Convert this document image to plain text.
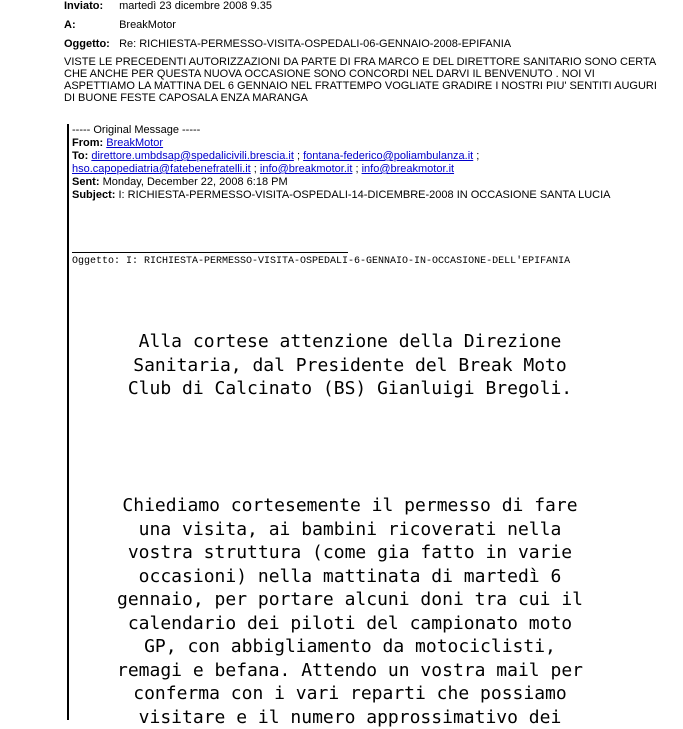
Inviato: martedì 23 dicembre 2008 9.35
A:	BreakMotor
Oggetto: Re: RICHIESTA-PERMESSO-VISITA-OSPEDALI-06-GENNAIO-2008-EPIFANIA
VISTE LE PRECEDENTI AUTORIZZAZIONI DA PARTE DI FRA MARCO E DEL DIRETTORE SANITARIO SONO CERTA CHE ANCHE PER QUESTA NUOVA OCCASIONE SONO CONCORDI NEL DARVI IL BENVENUTO . NOI VI ASPETTIAMO LA MATTINA DEL 6 GENNAIO NEL FRATTEMPO VOGLIATE GRADIRE I NOSTRI PIU' SENTITI AUGURI DI BUONE FESTE CAPOSALA ENZA MARANGA
----- Original Message -----
From: BreakMotor
To: direttore.umbdsap@spedalicivili.brescia.it ; fontana-federico@poliambulanza.it ; hso.capopediatria@fatebenefratelli.it ; info@breakmotor.it ; info@breakmotor.it
Sent: Monday, December 22, 2008 6:18 PM
Subject: I: RICHIESTA-PERMESSO-VISITA-OSPEDALI-14-DICEMBRE-2008 IN OCCASIONE SANTA LUCIA
Oggetto: I: RICHIESTA-PERMESSO-VISITA-OSPEDALI-6-GENNAIO-IN-OCCASIONE-DELL'EPIFANIA
Alla cortese attenzione della Direzione
Sanitaria, dal Presidente del Break Moto
Club di Calcinato (BS) Gianluigi Bregoli.
Chiediamo cortesemente il permesso di fare
una visita, ai bambini ricoverati nella
vostra struttura (come gia fatto in varie
occasioni) nella mattinata di martedì 6
gennaio, per portare alcuni doni tra cui il
calendario dei piloti del campionato moto
GP, con abbigliamento da motociclisti,
remagi e befana. Attendo un vostra mail per
conferma con i vari reparti che possiamo
visitare e il numero approssimativo dei
